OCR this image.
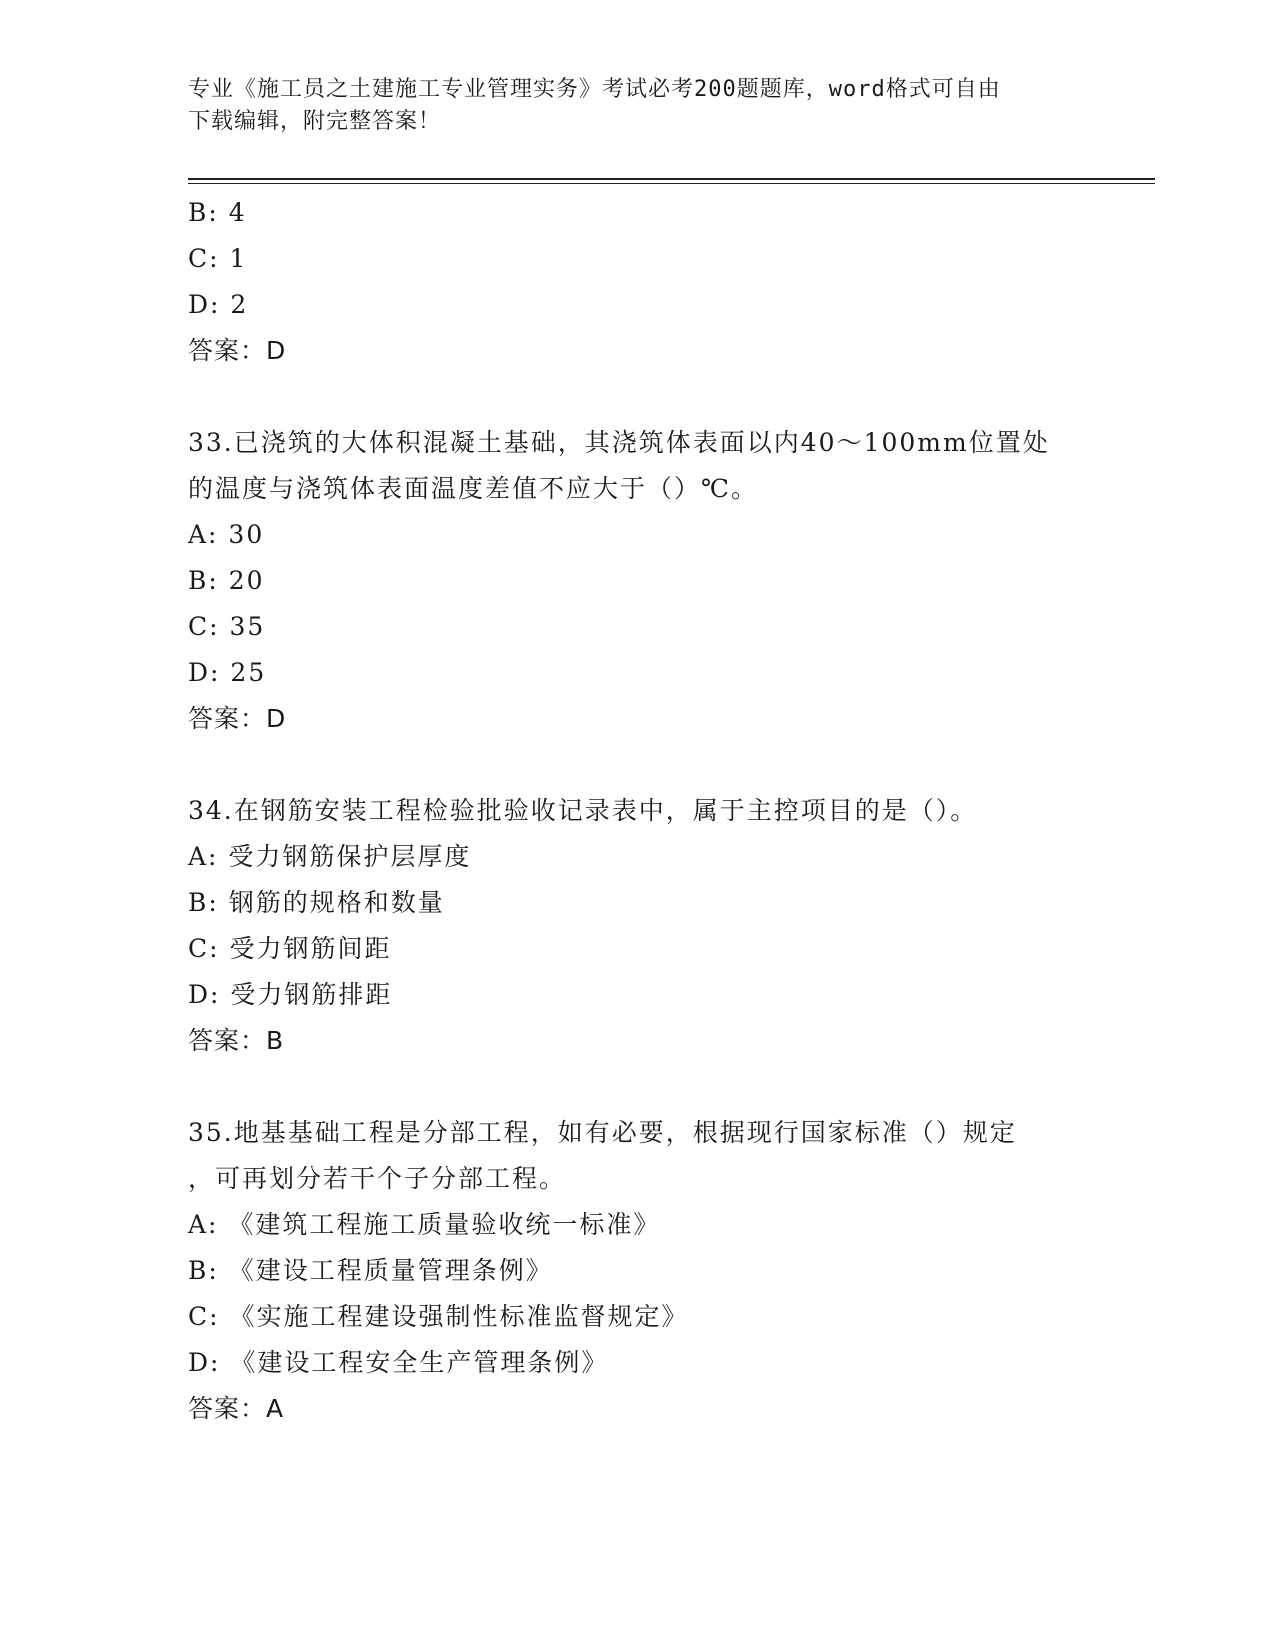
专业《施工员之土建施工专业管理实务》考试必考200题题库，word格式可自由
下载编辑，附完整答案！
B: 4
C: 1
D: 2
答案：D
33.已浇筑的大体积混凝土基础，其浇筑体表面以内40～100mm位置处
的温度与浇筑体表面温度差值不应大于（）℃。
A: 30
B: 20
C: 35
D: 25
答案：D
34.在钢筋安装工程检验批验收记录表中，属于主控项目的是（）。
A: 受力钢筋保护层厚度
B: 钢筋的规格和数量
C: 受力钢筋间距
D: 受力钢筋排距
答案：B
35.地基基础工程是分部工程，如有必要，根据现行国家标准（）规定
，可再划分若干个子分部工程。
A: 《建筑工程施工质量验收统一标准》
B: 《建设工程质量管理条例》
C: 《实施工程建设强制性标准监督规定》
D: 《建设工程安全生产管理条例》
答案：A
